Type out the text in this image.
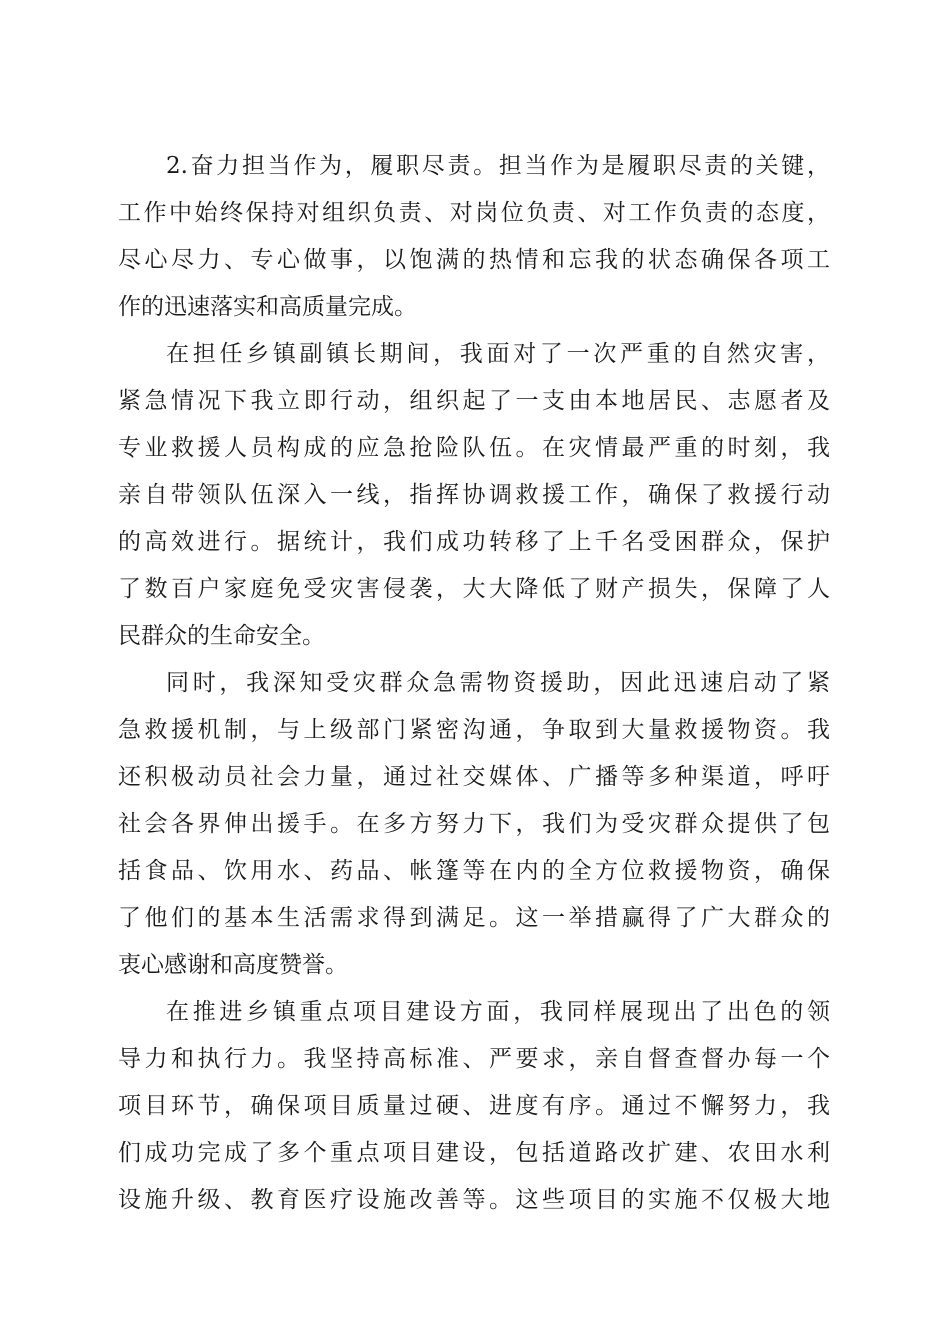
2.奋力担当作为，履职尽责。担当作为是履职尽责的关键，
工作中始终保持对组织负责、对岗位负责、对工作负责的态度，
尽心尽力、专心做事，以饱满的热情和忘我的状态确保各项工
作的迅速落实和高质量完成。
在担任乡镇副镇长期间，我面对了一次严重的自然灾害，
紧急情况下我立即行动，组织起了一支由本地居民、志愿者及
专业救援人员构成的应急抢险队伍。在灾情最严重的时刻，我
亲自带领队伍深入一线，指挥协调救援工作，确保了救援行动
的高效进行。据统计，我们成功转移了上千名受困群众，保护
了数百户家庭免受灾害侵袭，大大降低了财产损失，保障了人
民群众的生命安全。
同时，我深知受灾群众急需物资援助，因此迅速启动了紧
急救援机制，与上级部门紧密沟通，争取到大量救援物资。我
还积极动员社会力量，通过社交媒体、广播等多种渠道，呼吁
社会各界伸出援手。在多方努力下，我们为受灾群众提供了包
括食品、饮用水、药品、帐篷等在内的全方位救援物资，确保
了他们的基本生活需求得到满足。这一举措赢得了广大群众的
衷心感谢和高度赞誉。
在推进乡镇重点项目建设方面，我同样展现出了出色的领
导力和执行力。我坚持高标准、严要求，亲自督查督办每一个
项目环节，确保项目质量过硬、进度有序。通过不懈努力，我
们成功完成了多个重点项目建设，包括道路改扩建、农田水利
设施升级、教育医疗设施改善等。这些项目的实施不仅极大地
